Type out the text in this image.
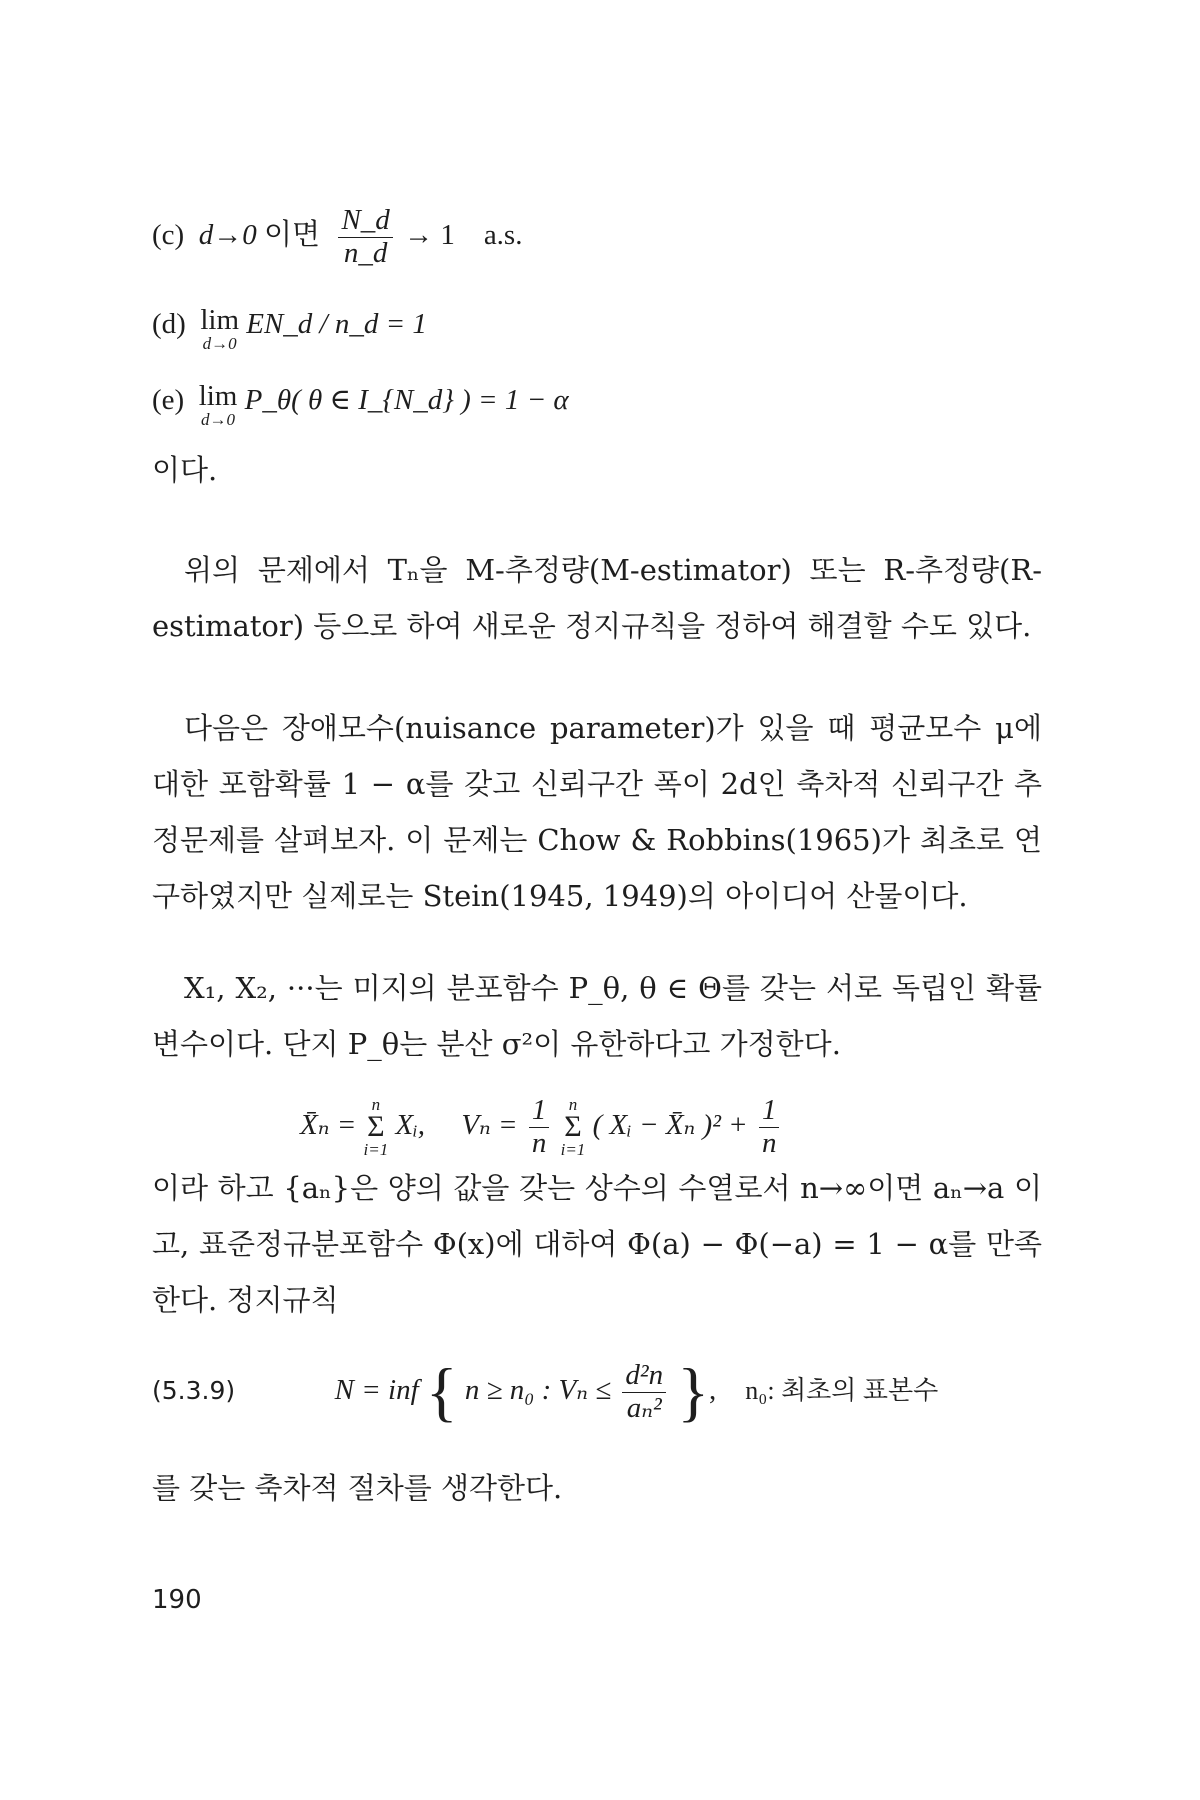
(c) d→0 이면 $\frac{N\_d}{n\_d} \to 1$ a.s.
(d) lim
d→0
EN_d / n_d = 1
(e) lim
d→0
P_θ( θ ∈ I_{N_d} ) = 1 − α
이다.

위의 문제에서 Tₙ을 M-추정량(M-estimator) 또는 R-추정량(R-estimator) 등으로 하여 새로운 정지규칙을 정하여 해결할 수도 있다.

다음은 장애모수(nuisance parameter)가 있을 때 평균모수 μ에 대한 포함확률 1 − α를 갖고 신뢰구간 폭이 2d인 축차적 신뢰구간 추정문제를 살펴보자. 이 문제는 Chow & Robbins(1965)가 최초로 연구하였지만 실제로는 Stein(1945, 1949)의 아이디어 산물이다.

X₁, X₂, ···는 미지의 분포함수 P_θ, θ ∈ Θ를 갖는 서로 독립인 확률변수이다. 단지 P_θ는 분산 σ²이 유한하다고 가정한다.

X̄ₙ =
n
Σ
i=1
Xᵢ, $V_n = \frac{1}{n}$
	n
Σ
i=1
( Xᵢ − X̄ₙ )$^2 + \frac{1}{n}$

이라 하고 {aₙ}은 양의 값을 갖는 상수의 수열로서 n→∞이면 aₙ→a 이고, 표준정규분포함수 Φ(x)에 대하여 Φ(a) − Φ(−a) = 1 − α를 만족한다. 정지규칙

(5.3.9)	N = inf { n ≥ n₀ : $V_n \le \frac{\text{d²n}}{\text{aₙ²}}$ }, n₀: 최초의 표본수

를 갖는 축차적 절차를 생각한다.

190
